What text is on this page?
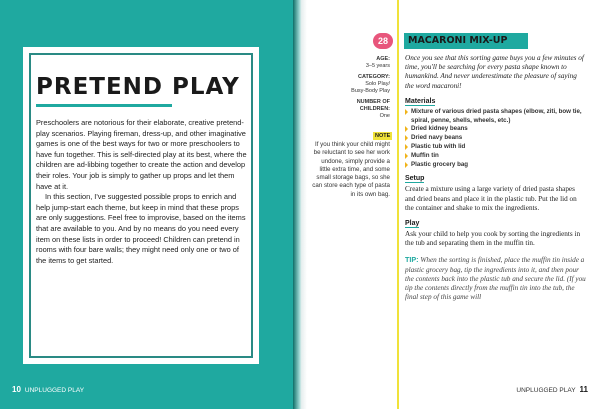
10 UNPLUGGED PLAY
PRETEND PLAY

Preschoolers are notorious for their elaborate, creative pretend-play scenarios. Playing fireman, dress-up, and other imaginative games is one of the best ways for two or more preschoolers to have fun together. This is self-directed play at its best, where the children are ad-libbing together to create the action and develop their roles. Your job is simply to gather up props and let them have at it.

In this section, I've suggested possible props to enrich and help jump-start each theme, but keep in mind that these props are only suggestions. Feel free to improvise, based on the items that are available to you. And by no means do you need every item on these lists in order to proceed! Children can pretend in rooms with four bare walls; they might need only one or two of the items to get started.

28	MACARONI MIX-UP
AGE:
3–5 years
CATEGORY:
Solo Play/
Busy-Body Play
NUMBER OF
CHILDREN:
One
NOTE
If you think your child might be reluctant to see her work undone, simply provide a little extra time, and some small storage bags, so she can store each type of pasta in its own bag.

Once you see that this sorting game buys you a few minutes of time, you'll be searching for every pasta shape known to humankind. And never underestimate the pleasure of saying the word macaroni!

Materials
Mixture of various dried pasta shapes (elbow, ziti, bow tie, spiral, penne, shells, wheels, etc.)
Dried kidney beans
Dried navy beans
Plastic tub with lid
Muffin tin
Plastic grocery bag
Setup

Create a mixture using a large variety of dried pasta shapes and dried beans and place it in the plastic tub. Put the lid on the container and shake to mix the ingredients.

Play

Ask your child to help you cook by sorting the ingredients in the tub and separating them in the muffin tin.

TIP: When the sorting is finished, place the muffin tin inside a plastic grocery bag, tip the ingredients into it, and then pour the contents back into the plastic tub and secure the lid. (If you tip the contents directly from the muffin tin into the tub, the final step of this game will

UNPLUGGED PLAY 11
